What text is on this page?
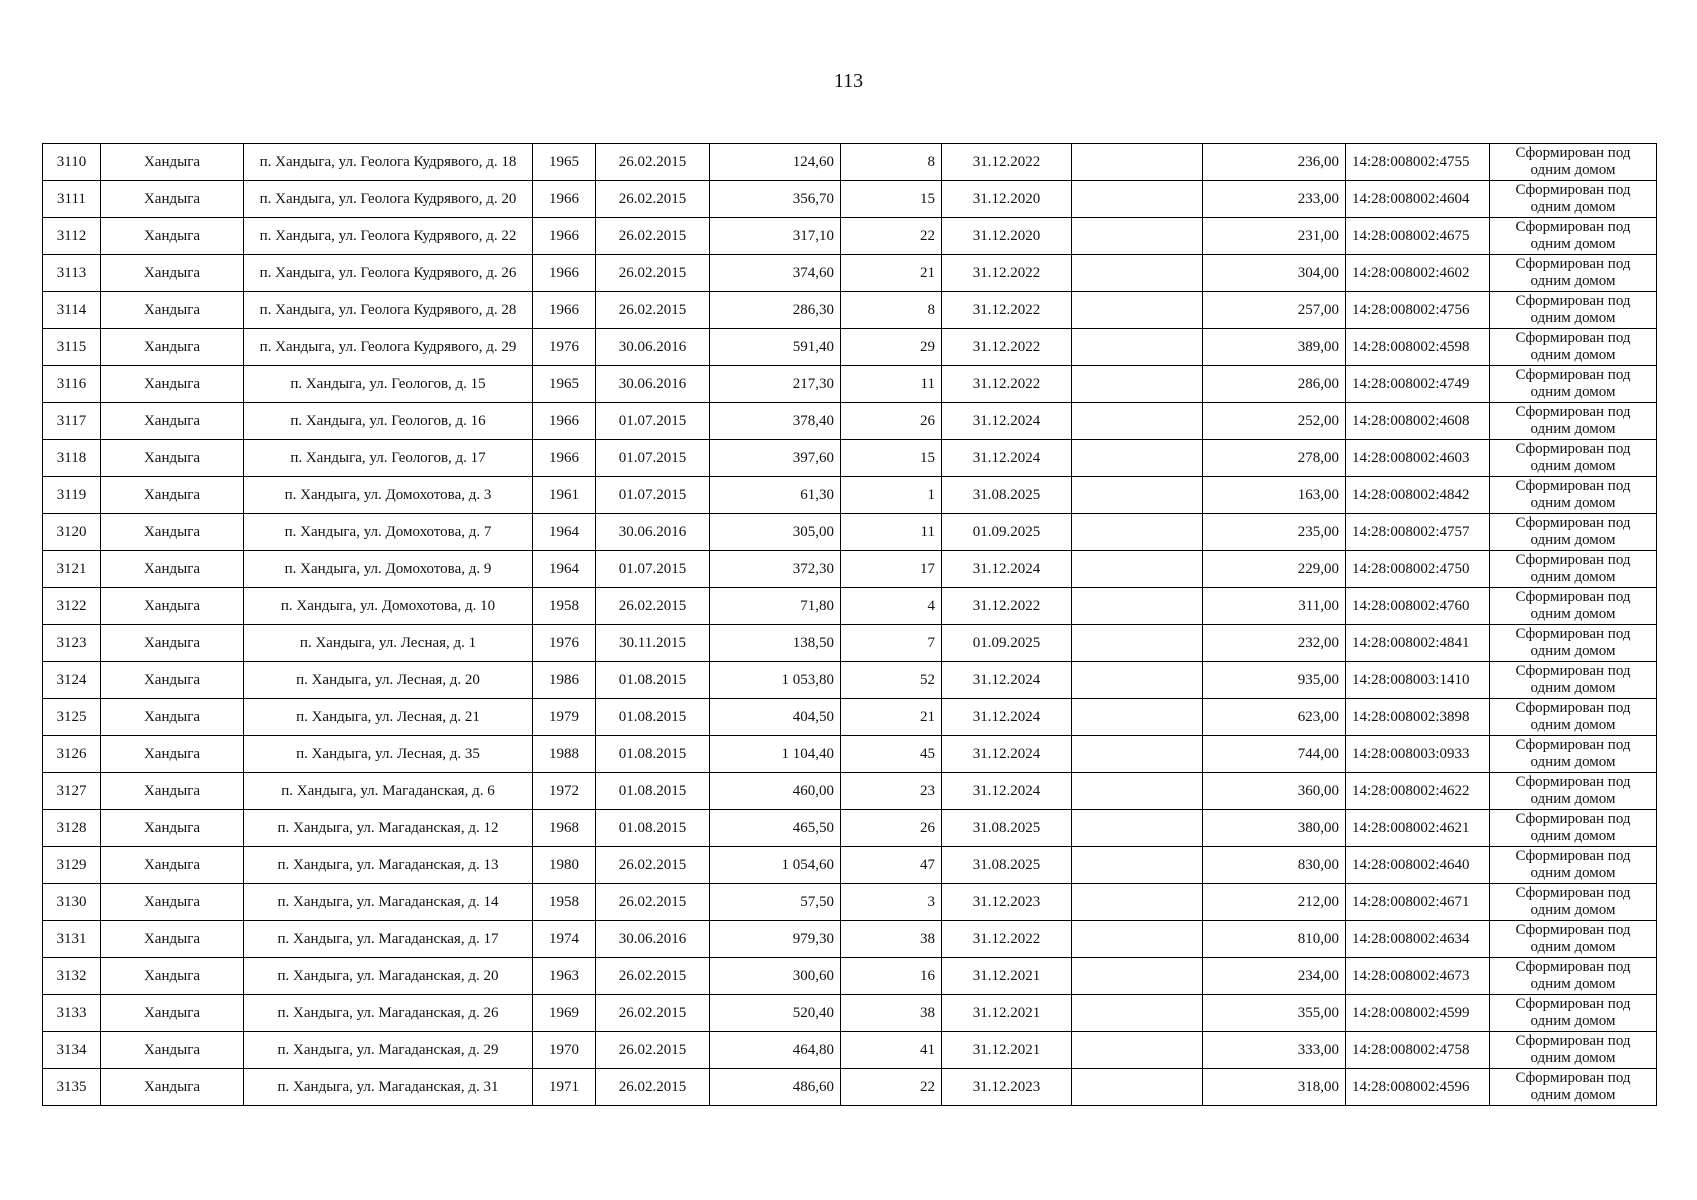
113
3110	Хандыга	п. Хандыга, ул. Геолога Кудрявого, д. 18	1965	26.02.2015	124,60	8	31.12.2022		236,00	14:28:008002:4755	Сформирован под одним домом
3111	Хандыга	п. Хандыга, ул. Геолога Кудрявого, д. 20	1966	26.02.2015	356,70	15	31.12.2020		233,00	14:28:008002:4604	Сформирован под одним домом
3112	Хандыга	п. Хандыга, ул. Геолога Кудрявого, д. 22	1966	26.02.2015	317,10	22	31.12.2020		231,00	14:28:008002:4675	Сформирован под одним домом
3113	Хандыга	п. Хандыга, ул. Геолога Кудрявого, д. 26	1966	26.02.2015	374,60	21	31.12.2022		304,00	14:28:008002:4602	Сформирован под одним домом
3114	Хандыга	п. Хандыга, ул. Геолога Кудрявого, д. 28	1966	26.02.2015	286,30	8	31.12.2022		257,00	14:28:008002:4756	Сформирован под одним домом
3115	Хандыга	п. Хандыга, ул. Геолога Кудрявого, д. 29	1976	30.06.2016	591,40	29	31.12.2022		389,00	14:28:008002:4598	Сформирован под одним домом
3116	Хандыга	п. Хандыга, ул. Геологов, д. 15	1965	30.06.2016	217,30	11	31.12.2022		286,00	14:28:008002:4749	Сформирован под одним домом
3117	Хандыга	п. Хандыга, ул. Геологов, д. 16	1966	01.07.2015	378,40	26	31.12.2024		252,00	14:28:008002:4608	Сформирован под одним домом
3118	Хандыга	п. Хандыга, ул. Геологов, д. 17	1966	01.07.2015	397,60	15	31.12.2024		278,00	14:28:008002:4603	Сформирован под одним домом
3119	Хандыга	п. Хандыга, ул. Домохотова, д. 3	1961	01.07.2015	61,30	1	31.08.2025		163,00	14:28:008002:4842	Сформирован под одним домом
3120	Хандыга	п. Хандыга, ул. Домохотова, д. 7	1964	30.06.2016	305,00	11	01.09.2025		235,00	14:28:008002:4757	Сформирован под одним домом
3121	Хандыга	п. Хандыга, ул. Домохотова, д. 9	1964	01.07.2015	372,30	17	31.12.2024		229,00	14:28:008002:4750	Сформирован под одним домом
3122	Хандыга	п. Хандыга, ул. Домохотова, д. 10	1958	26.02.2015	71,80	4	31.12.2022		311,00	14:28:008002:4760	Сформирован под одним домом
3123	Хандыга	п. Хандыга, ул. Лесная, д. 1	1976	30.11.2015	138,50	7	01.09.2025		232,00	14:28:008002:4841	Сформирован под одним домом
3124	Хандыга	п. Хандыга, ул. Лесная, д. 20	1986	01.08.2015	1 053,80	52	31.12.2024		935,00	14:28:008003:1410	Сформирован под одним домом
3125	Хандыга	п. Хандыга, ул. Лесная, д. 21	1979	01.08.2015	404,50	21	31.12.2024		623,00	14:28:008002:3898	Сформирован под одним домом
3126	Хандыга	п. Хандыга, ул. Лесная, д. 35	1988	01.08.2015	1 104,40	45	31.12.2024		744,00	14:28:008003:0933	Сформирован под одним домом
3127	Хандыга	п. Хандыга, ул. Магаданская, д. 6	1972	01.08.2015	460,00	23	31.12.2024		360,00	14:28:008002:4622	Сформирован под одним домом
3128	Хандыга	п. Хандыга, ул. Магаданская, д. 12	1968	01.08.2015	465,50	26	31.08.2025		380,00	14:28:008002:4621	Сформирован под одним домом
3129	Хандыга	п. Хандыга, ул. Магаданская, д. 13	1980	26.02.2015	1 054,60	47	31.08.2025		830,00	14:28:008002:4640	Сформирован под одним домом
3130	Хандыга	п. Хандыга, ул. Магаданская, д. 14	1958	26.02.2015	57,50	3	31.12.2023		212,00	14:28:008002:4671	Сформирован под одним домом
3131	Хандыга	п. Хандыга, ул. Магаданская, д. 17	1974	30.06.2016	979,30	38	31.12.2022		810,00	14:28:008002:4634	Сформирован под одним домом
3132	Хандыга	п. Хандыга, ул. Магаданская, д. 20	1963	26.02.2015	300,60	16	31.12.2021		234,00	14:28:008002:4673	Сформирован под одним домом
3133	Хандыга	п. Хандыга, ул. Магаданская, д. 26	1969	26.02.2015	520,40	38	31.12.2021		355,00	14:28:008002:4599	Сформирован под одним домом
3134	Хандыга	п. Хандыга, ул. Магаданская, д. 29	1970	26.02.2015	464,80	41	31.12.2021		333,00	14:28:008002:4758	Сформирован под одним домом
3135	Хандыга	п. Хандыга, ул. Магаданская, д. 31	1971	26.02.2015	486,60	22	31.12.2023		318,00	14:28:008002:4596	Сформирован под одним домом
